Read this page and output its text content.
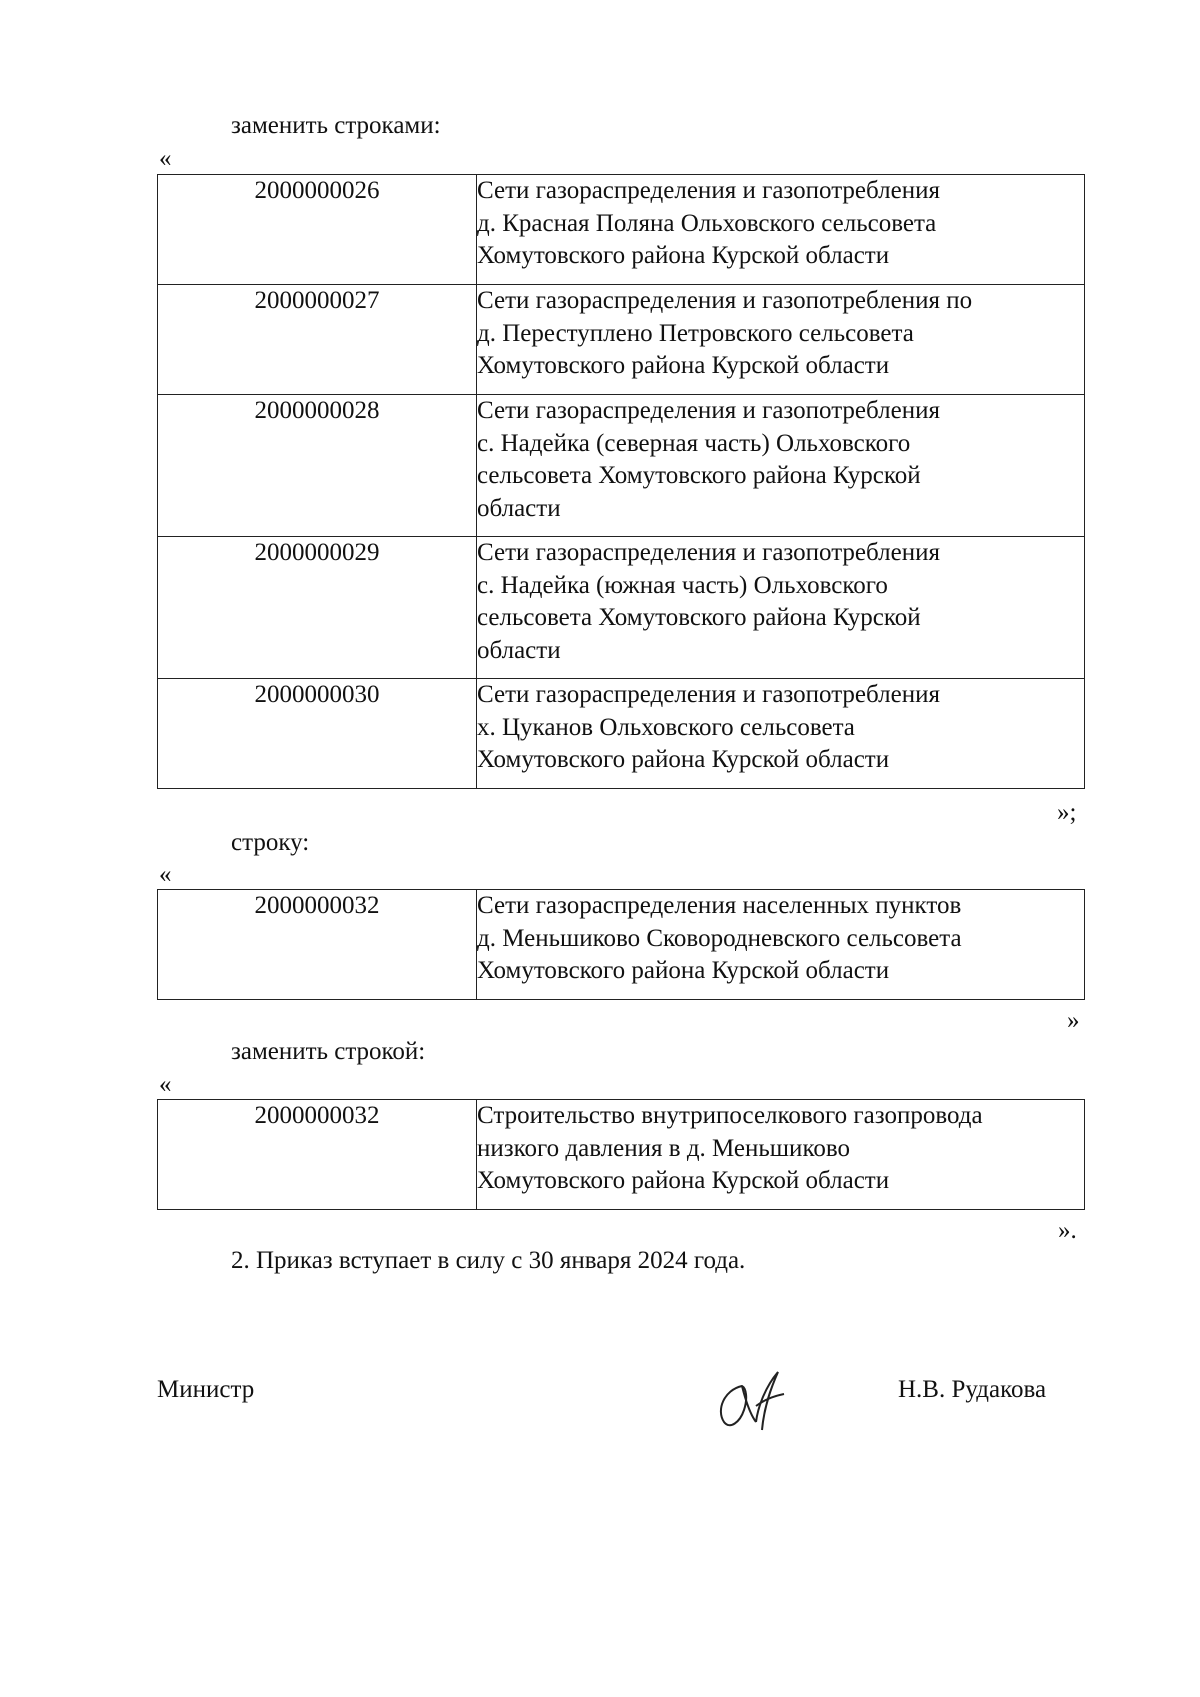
заменить строками:
«
2000000026	Сети газораспределения и газопотребления
д. Красная Поляна Ольховского сельсовета
Хомутовского района Курской области
2000000027	Сети газораспределения и газопотребления по
д. Переступлено Петровского сельсовета
Хомутовского района Курской области
2000000028	Сети газораспределения и газопотребления
с. Надейка (северная часть) Ольховского
сельсовета Хомутовского района Курской
области
2000000029	Сети газораспределения и газопотребления
с. Надейка (южная часть) Ольховского
сельсовета Хомутовского района Курской
области
2000000030	Сети газораспределения и газопотребления
х. Цуканов Ольховского сельсовета
Хомутовского района Курской области
»;
строку:
«
2000000032	Сети газораспределения населенных пунктов
д. Меньшиково Сковородневского сельсовета
Хомутовского района Курской области
»
заменить строкой:
«
2000000032	Строительство внутрипоселкового газопровода
низкого давления в д. Меньшиково
Хомутовского района Курской области
».
2. Приказ вступает в силу с 30 января 2024 года.
Министр	Н.В. Рудакова
